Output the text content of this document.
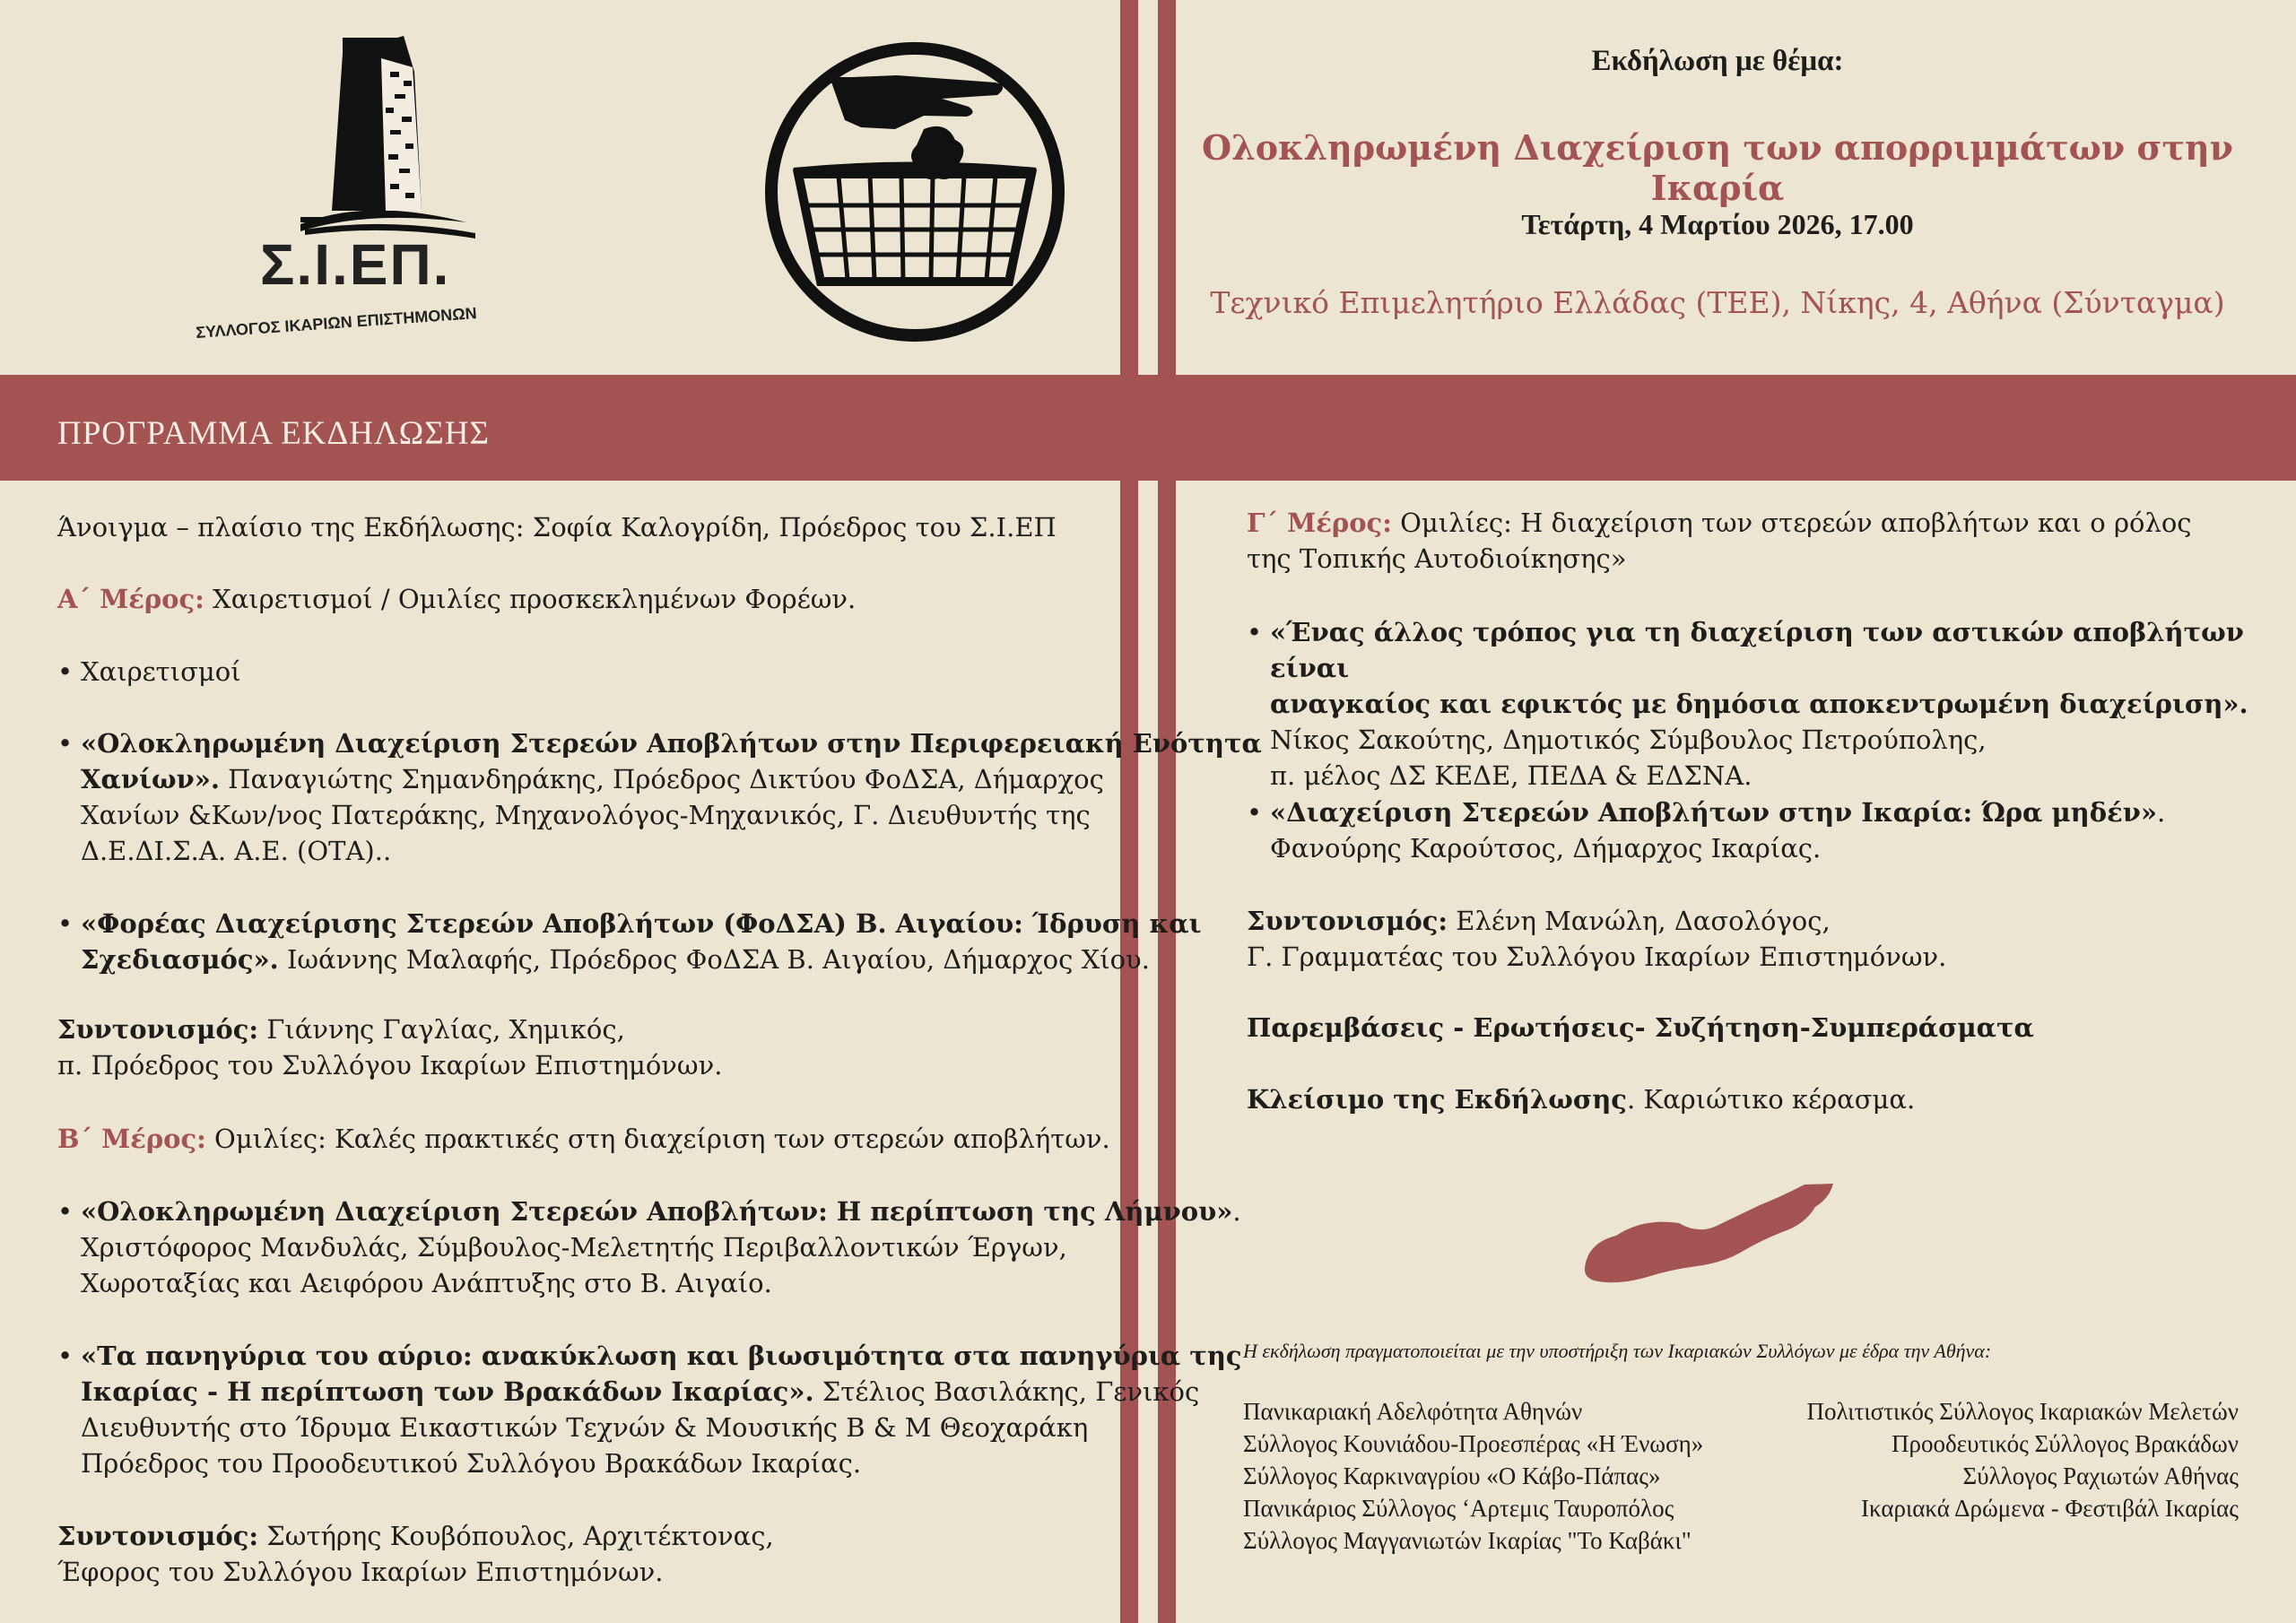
ΠΡΟΓΡΑΜΜΑ ΕΚΔΗΛΩΣΗΣ
Σ.Ι.ΕΠ.
ΣΥΛΛΟΓΟΣ ΙΚΑΡΙΩΝ ΕΠΙΣΤΗΜΟΝΩΝ
Εκδήλωση με θέμα:
Ολοκληρωμένη Διαχείριση των απορριμμάτων στην Ικαρία
Τετάρτη, 4 Μαρτίου 2026, 17.00
Τεχνικό Επιμελητήριο Ελλάδας (ΤΕΕ), Νίκης, 4, Αθήνα (Σύνταγμα)
Άνοιγμα – πλαίσιο της Εκδήλωσης: Σοφία Καλογρίδη, Πρόεδρος του Σ.Ι.ΕΠ
Α΄ Μέρος: Χαιρετισμοί / Ομιλίες προσκεκλημένων Φορέων.
• Χαιρετισμοί
• «Ολοκληρωμένη Διαχείριση Στερεών Αποβλήτων στην Περιφερειακή Ενότητα
Χανίων». Παναγιώτης Σημανδηράκης, Πρόεδρος Δικτύου ΦοΔΣΑ, Δήμαρχος
Χανίων &Κων/νος Πατεράκης, Μηχανολόγος-Μηχανικός, Γ. Διευθυντής της
Δ.Ε.ΔΙ.Σ.Α. Α.Ε. (ΟΤΑ)..
• «Φορέας Διαχείρισης Στερεών Αποβλήτων (ΦοΔΣΑ) Β. Αιγαίου: Ίδρυση και
Σχεδιασμός». Ιωάννης Μαλαφής, Πρόεδρος ΦοΔΣΑ Β. Αιγαίου, Δήμαρχος Χίου.
Συντονισμός: Γιάννης Γαγλίας, Χημικός,
π. Πρόεδρος του Συλλόγου Ικαρίων Επιστημόνων.
Β΄ Μέρος: Ομιλίες: Καλές πρακτικές στη διαχείριση των στερεών αποβλήτων.
• «Ολοκληρωμένη Διαχείριση Στερεών Αποβλήτων: Η περίπτωση της Λήμνου».
Χριστόφορος Μανδυλάς, Σύμβουλος-Μελετητής Περιβαλλοντικών Έργων,
Χωροταξίας και Αειφόρου Ανάπτυξης στο Β. Αιγαίο.
• «Τα πανηγύρια του αύριο: ανακύκλωση και βιωσιμότητα στα πανηγύρια της
Ικαρίας - Η περίπτωση των Βρακάδων Ικαρίας». Στέλιος Βασιλάκης, Γενικός
Διευθυντής στο Ίδρυμα Εικαστικών Τεχνών & Μουσικής Β & Μ Θεοχαράκη
Πρόεδρος του Προοδευτικού Συλλόγου Βρακάδων Ικαρίας.
Συντονισμός: Σωτήρης Κουβόπουλος, Αρχιτέκτονας,
Έφορος του Συλλόγου Ικαρίων Επιστημόνων.
Γ΄ Μέρος: Ομιλίες: Η διαχείριση των στερεών αποβλήτων και ο ρόλος
της Τοπικής Αυτοδιοίκησης»
• «Ένας άλλος τρόπος για τη διαχείριση των αστικών αποβλήτων είναι
αναγκαίος και εφικτός με δημόσια αποκεντρωμένη διαχείριση».
Νίκος Σακούτης, Δημοτικός Σύμβουλος Πετρούπολης,
π. μέλος ΔΣ ΚΕΔΕ, ΠΕΔΑ & ΕΔΣΝΑ.
• «Διαχείριση Στερεών Αποβλήτων στην Ικαρία: Ώρα μηδέν».
Φανούρης Καρούτσος, Δήμαρχος Ικαρίας.
Συντονισμός: Ελένη Μανώλη, Δασολόγος,
Γ. Γραμματέας του Συλλόγου Ικαρίων Επιστημόνων.
Παρεμβάσεις - Ερωτήσεις- Συζήτηση-Συμπεράσματα
Κλείσιμο της Εκδήλωσης. Καριώτικο κέρασμα.
Η εκδήλωση πραγματοποιείται με την υποστήριξη των Ικαριακών Συλλόγων με έδρα την Αθήνα:
Πανικαριακή Αδελφότητα Αθηνών
Σύλλογος Κουνιάδου-Προεσπέρας «Η Ένωση»
Σύλλογος Καρκιναγρίου «Ο Κάβο-Πάπας»
Πανικάριος Σύλλογος ‘Αρτεμις Ταυροπόλος
Σύλλογος Μαγγανιωτών Ικαρίας "Το Καβάκι"
Πολιτιστικός Σύλλογος Ικαριακών Μελετών
Προοδευτικός Σύλλογος Βρακάδων
Σύλλογος Ραχιωτών Αθήνας
Ικαριακά Δρώμενα - Φεστιβάλ Ικαρίας
